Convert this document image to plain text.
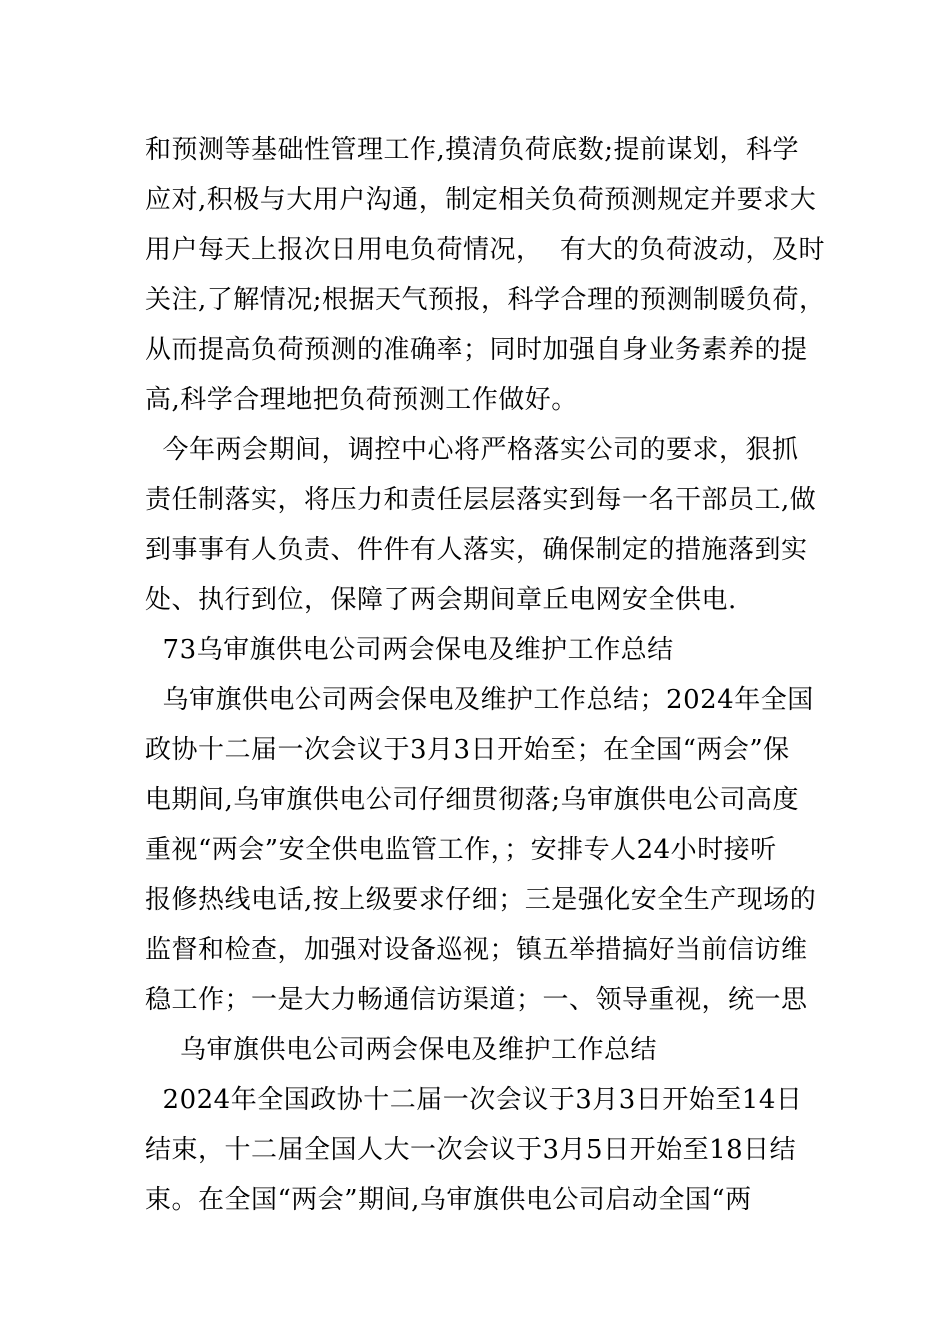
和预测等基础性管理工作,摸清负荷底数;提前谋划，科学
应对,积极与大用户沟通，制定相关负荷预测规定并要求大
用户每天上报次日用电负荷情况，  有大的负荷波动，及时
关注,了解情况;根据天气预报，科学合理的预测制暖负荷，
从而提高负荷预测的准确率；同时加强自身业务素养的提
高,科学合理地把负荷预测工作做好。
今年两会期间，调控中心将严格落实公司的要求，狠抓
责任制落实，将压力和责任层层落实到每一名干部员工,做
到事事有人负责、件件有人落实，确保制定的措施落到实
处、执行到位，保障了两会期间章丘电网安全供电.
73乌审旗供电公司两会保电及维护工作总结
乌审旗供电公司两会保电及维护工作总结；2024年全国
政协十二届一次会议于3月3日开始至；在全国“两会”保
电期间,乌审旗供电公司仔细贯彻落;乌审旗供电公司高度
重视“两会”安全供电监管工作，；安排专人24小时接听
报修热线电话,按上级要求仔细；三是强化安全生产现场的
监督和检查，加强对设备巡视；镇五举措搞好当前信访维
稳工作；一是大力畅通信访渠道；一、领导重视，统一思
乌审旗供电公司两会保电及维护工作总结
2024年全国政协十二届一次会议于3月3日开始至14日
结束，十二届全国人大一次会议于3月5日开始至18日结
束。在全国“两会”期间,乌审旗供电公司启动全国“两
